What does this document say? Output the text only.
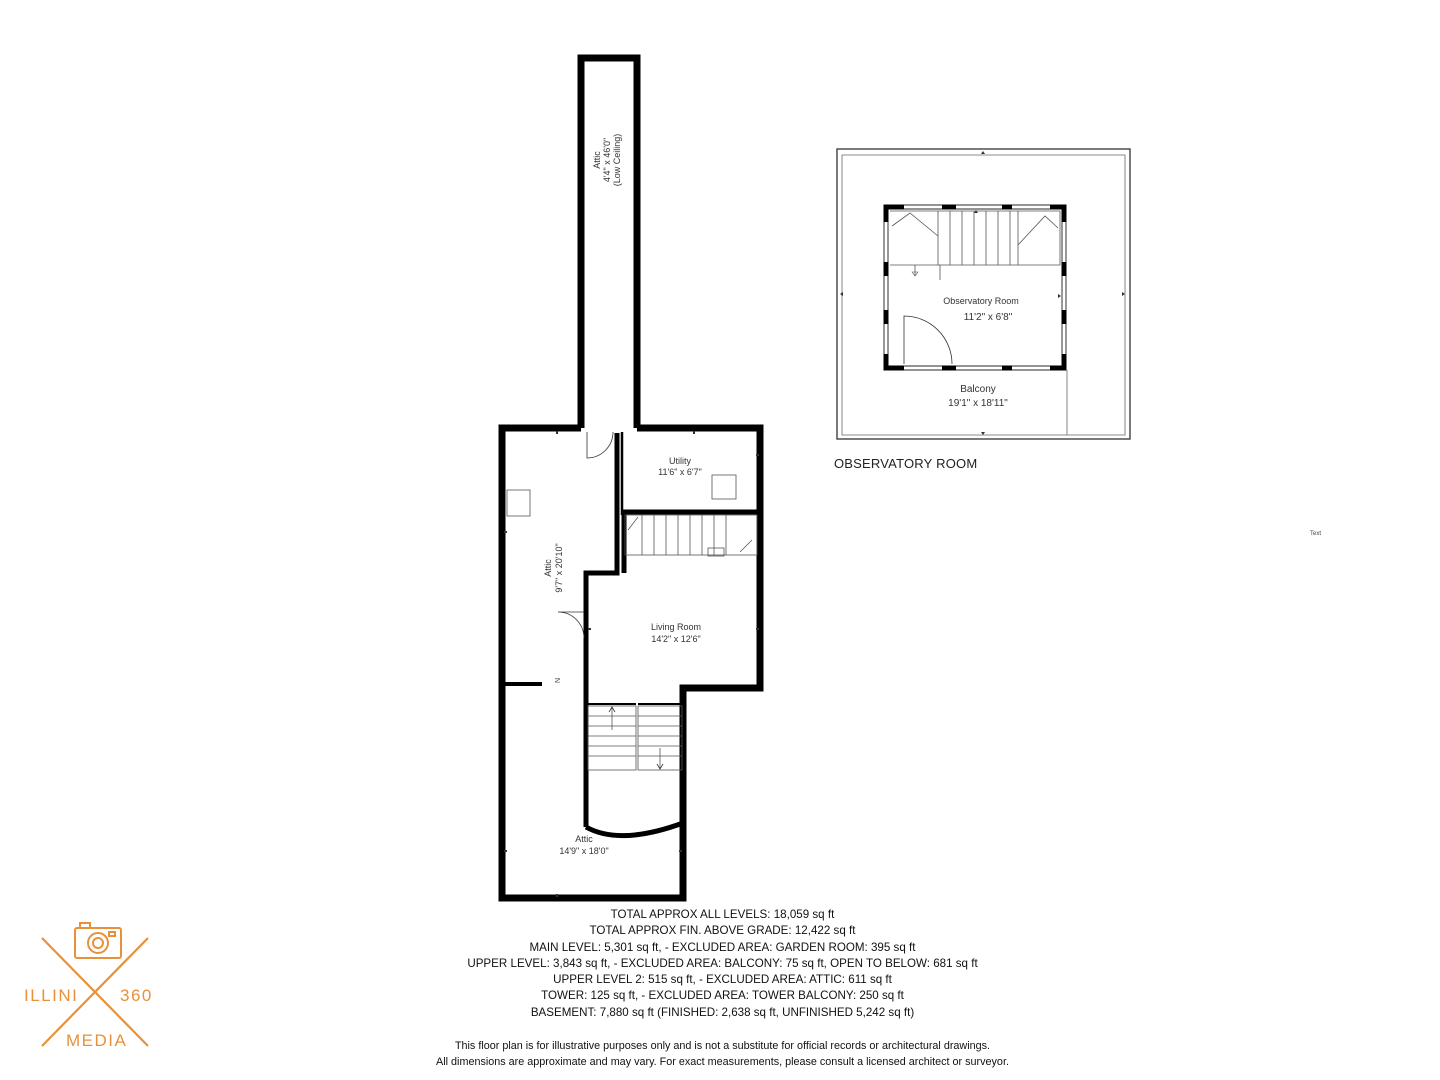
N
Attic 4'4" x 46'0" (Low Ceiling)
Utility
11'6" x 6'7"
Attic 9'7" x 20'10"
Living Room
14'2" x 12'6"
Attic
14'9" x 18'0"
Observatory Room
11'2" x 6'8"
Balcony
19'1" x 18'11"
OBSERVATORY ROOM
Text
TOTAL APPROX ALL LEVELS: 18,059 sq ft
TOTAL APPROX FIN. ABOVE GRADE: 12,422 sq ft
MAIN LEVEL: 5,301 sq ft, - EXCLUDED AREA: GARDEN ROOM: 395 sq ft
UPPER LEVEL: 3,843 sq ft, - EXCLUDED AREA: BALCONY: 75 sq ft, OPEN TO BELOW: 681 sq ft
UPPER LEVEL 2: 515 sq ft, - EXCLUDED AREA: ATTIC: 611 sq ft
TOWER: 125 sq ft, - EXCLUDED AREA: TOWER BALCONY: 250 sq ft
BASEMENT: 7,880 sq ft (FINISHED: 2,638 sq ft, UNFINISHED 5,242 sq ft)
This floor plan is for illustrative purposes only and is not a substitute for official records or architectural drawings.
All dimensions are approximate and may vary. For exact measurements, please consult a licensed architect or surveyor.
ILLINI 360
MEDIA
